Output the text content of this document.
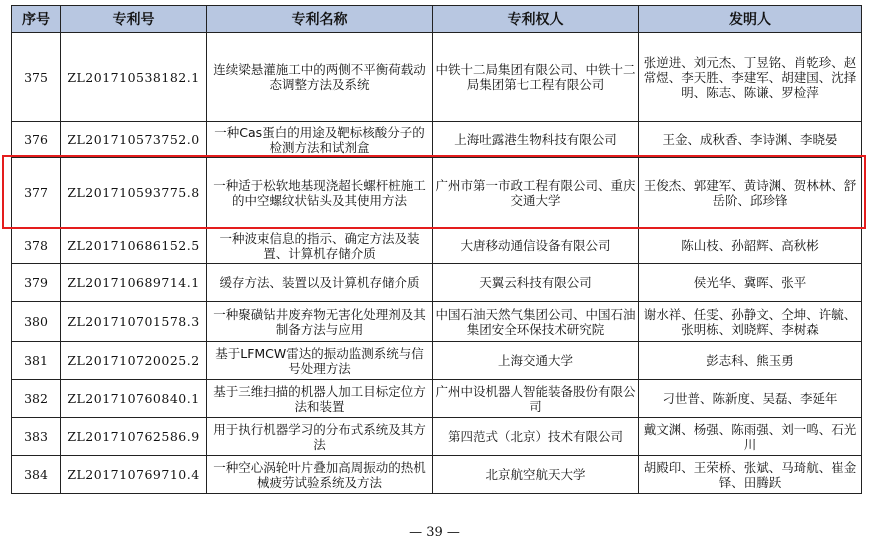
序号	专利号	专利名称	专利权人	发明人
375	ZL201710538182.1	连续梁悬灌施工中的两侧不平衡荷载动态调整方法及系统	中铁十二局集团有限公司、中铁十二局集团第七工程有限公司	张逆进、刘元杰、丁昱铭、肖乾珍、赵常煜、李天胜、李建军、胡建国、沈择明、陈志、陈谦、罗检萍
376	ZL201710573752.0	一种Cas蛋白的用途及靶标核酸分子的检测方法和试剂盒	上海吐露港生物科技有限公司	王金、成秋香、李诗渊、李晓晏
377	ZL201710593775.8	一种适于松软地基现浇超长螺杆桩施工的中空螺纹状钻头及其使用方法	广州市第一市政工程有限公司、重庆交通大学	王俊杰、郭建军、黄诗渊、贺林林、舒岳阶、邱珍锋
378	ZL201710686152.5	一种波束信息的指示、确定方法及装置、计算机存储介质	大唐移动通信设备有限公司	陈山枝、孙韶辉、高秋彬
379	ZL201710689714.1	缓存方法、装置以及计算机存储介质	天翼云科技有限公司	侯光华、冀晖、张平
380	ZL201710701578.3	一种聚磺钻井废弃物无害化处理剂及其制备方法与应用	中国石油天然气集团公司、中国石油集团安全环保技术研究院	谢水祥、任雯、孙静文、仝坤、许毓、张明栋、刘晓辉、李树森
381	ZL201710720025.2	基于LFMCW雷达的振动监测系统与信号处理方法	上海交通大学	彭志科、熊玉勇
382	ZL201710760840.1	基于三维扫描的机器人加工目标定位方法和装置	广州中设机器人智能装备股份有限公司	刁世普、陈新度、吴磊、李延年
383	ZL201710762586.9	用于执行机器学习的分布式系统及其方法	第四范式（北京）技术有限公司	戴文渊、杨强、陈雨强、刘一鸣、石光川
384	ZL201710769710.4	一种空心涡轮叶片叠加高周振动的热机械疲劳试验系统及方法	北京航空航天大学	胡殿印、王荣桥、张斌、马琦航、崔金铎、田腾跃
— 39 —
